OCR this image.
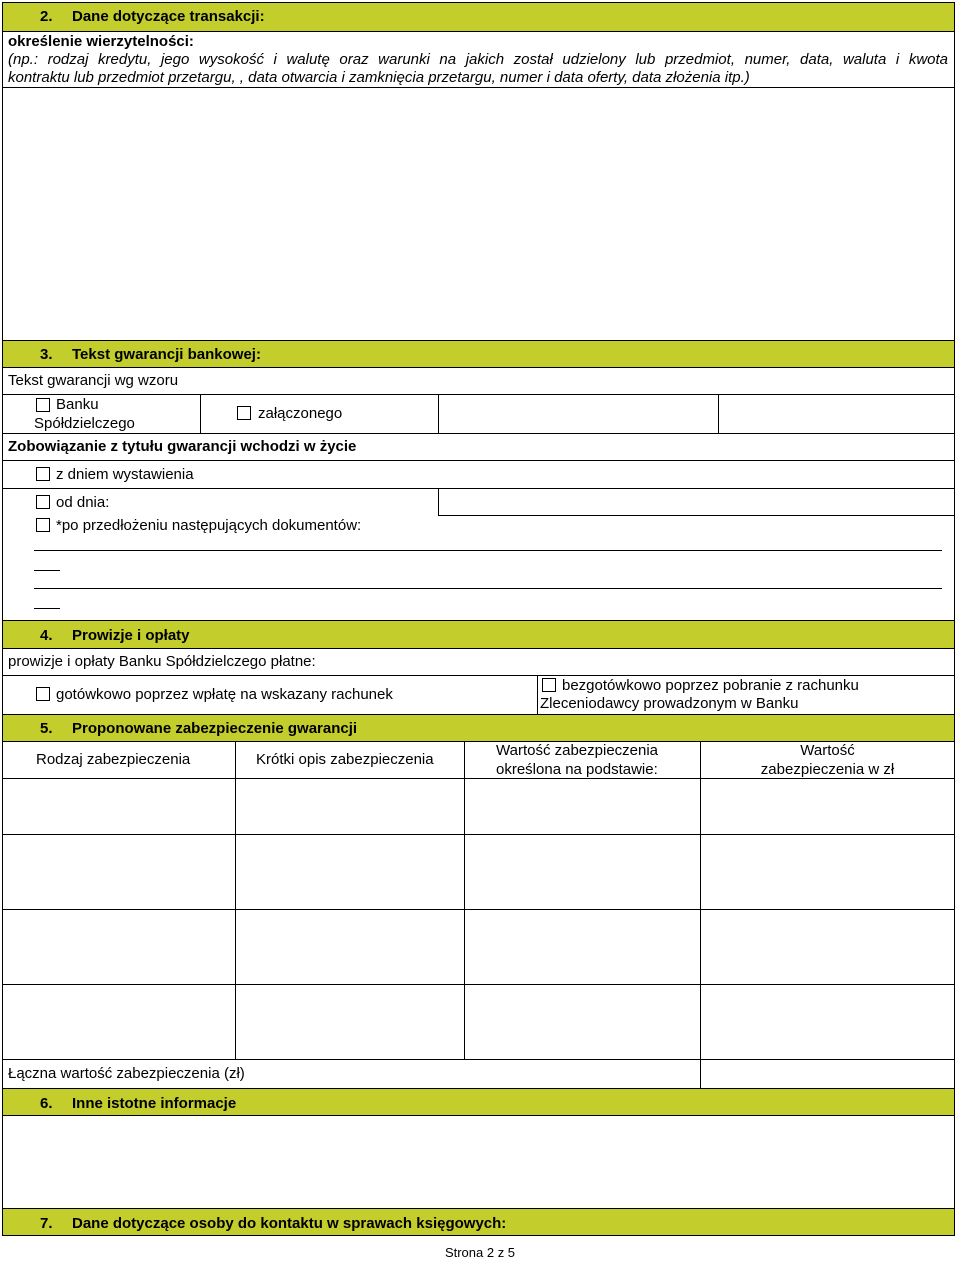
2. Dane dotyczące transakcji:
określenie wierzytelności:
(np.: rodzaj kredytu, jego wysokość i walutę oraz warunki na jakich został udzielony lub przedmiot, numer, data, waluta i kwota
kontraktu lub przedmiot przetargu, , data otwarcia i zamknięcia przetargu, numer i data oferty, data złożenia itp.)
3. Tekst gwarancji bankowej:
Tekst gwarancji wg wzoru
Banku
Spółdzielczego
załączonego
Zobowiązanie z tytułu gwarancji wchodzi w życie
z dniem wystawienia
od dnia:
*po przedłożeniu następujących dokumentów:
4. Prowizje i opłaty
prowizje i opłaty Banku Spółdzielczego płatne:
gotówkowo poprzez wpłatę na wskazany rachunek
bezgotówkowo poprzez pobranie z rachunku
Zleceniodawcy prowadzonym w Banku
5. Proponowane zabezpieczenie gwarancji
Rodzaj zabezpieczenia	Krótki opis zabezpieczenia
Wartość zabezpieczenia
określona na podstawie:
Wartość
zabezpieczenia w zł
Łączna wartość zabezpieczenia (zł)
6. Inne istotne informacje
7. Dane dotyczące osoby do kontaktu w sprawach księgowych:
Strona 2 z 5
